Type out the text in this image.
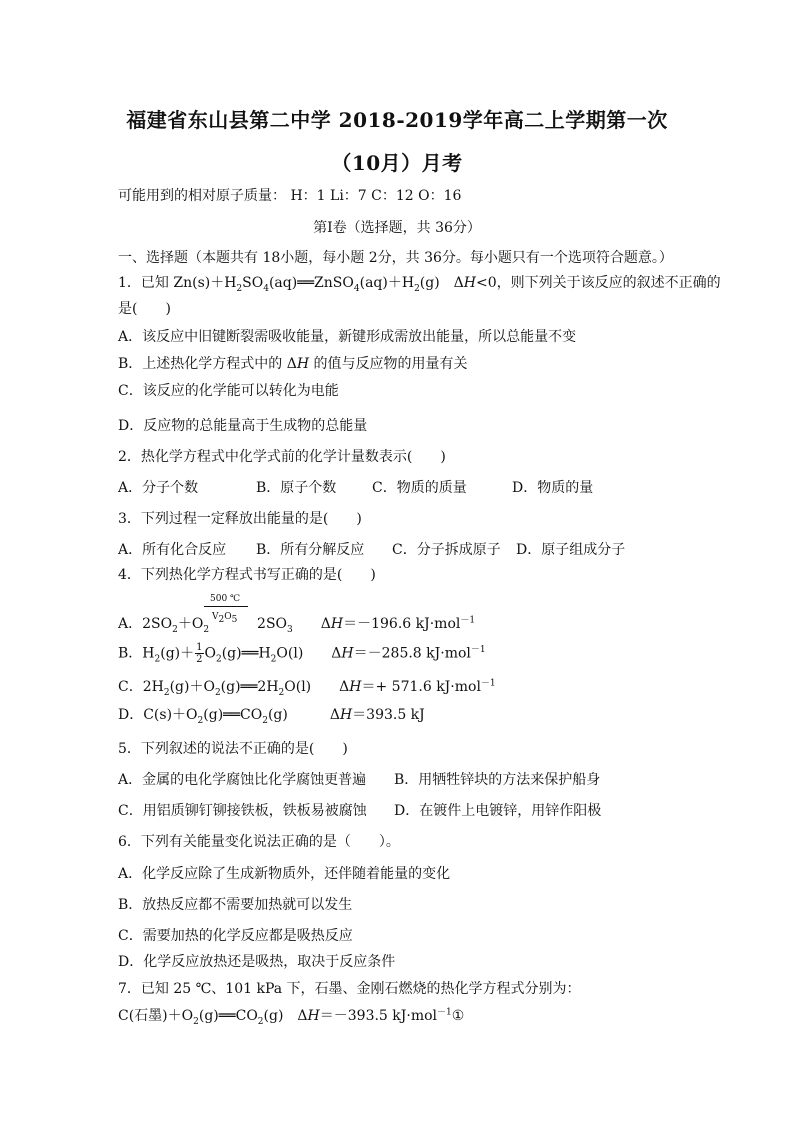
福建省东山县第二中学 2018-2019学年高二上学期第一次
（10月）月考
可能用到的相对原子质量： H：1 Li：7 C：12 O：16
第Ⅰ卷（选择题，共 36分）
一、选择题（本题共有 18小题，每小题 2分，共 36分。每小题只有一个选项符合题意。）
1．已知 $Zn(s)+H_2SO_4(aq)══ZnSO_4(aq)+H_2(g)$　ΔH<0，则下列关于该反应的叙述不正确的
是(　　)
A．该反应中旧键断裂需吸收能量，新键形成需放出能量，所以总能量不变
B．上述热化学方程式中的 ΔH 的值与反应物的用量有关
C．该反应的化学能可以转化为电能
D．反应物的总能量高于生成物的总能量
2．热化学方程式中化学式前的化学计量数表示(　　)
A．分子个数	B．原子个数	C．物质的质量	D．物质的量
3．下列过程一定释放出能量的是(　　)
A．所有化合反应 B．所有分解反应 C．分子拆成原子 D．原子组成分子
4．下列热化学方程式书写正确的是(　　)
500 ℃
$V_2O_5$
A．$2SO_2+O_2$	$2SO_3$　　ΔH＝－196.6 kJ·mol$^{-1}$
B．$H_2(g)+ \frac{1}{2}$ $O_2(g)══H_2O(l)$　　ΔH＝－285.8 kJ·mol$^{-1}$
C．$2H_2(g)+O_2(g)══2H_2O(l)$　　ΔH＝+ 571.6 kJ·mol$^{-1}$
D．$C(s)+O_2(g)══CO_2(g)$　　　ΔH＝393.5 kJ
5．下列叙述的说法不正确的是(　　)
A．金属的电化学腐蚀比化学腐蚀更普遍 B．用牺牲锌块的方法来保护船身
C．用铝质铆钉铆接铁板，铁板易被腐蚀 D．在镀件上电镀锌，用锌作阳极
6．下列有关能量变化说法正确的是（　　）。
A．化学反应除了生成新物质外，还伴随着能量的变化
B．放热反应都不需要加热就可以发生
C．需要加热的化学反应都是吸热反应
D．化学反应放热还是吸热，取决于反应条件
7．已知 25 ℃、101 kPa 下，石墨、金刚石燃烧的热化学方程式分别为：
C(石墨)$+O_2(g)══CO_2(g)$　ΔH＝－393.5 kJ·mol$^{-1}$①
